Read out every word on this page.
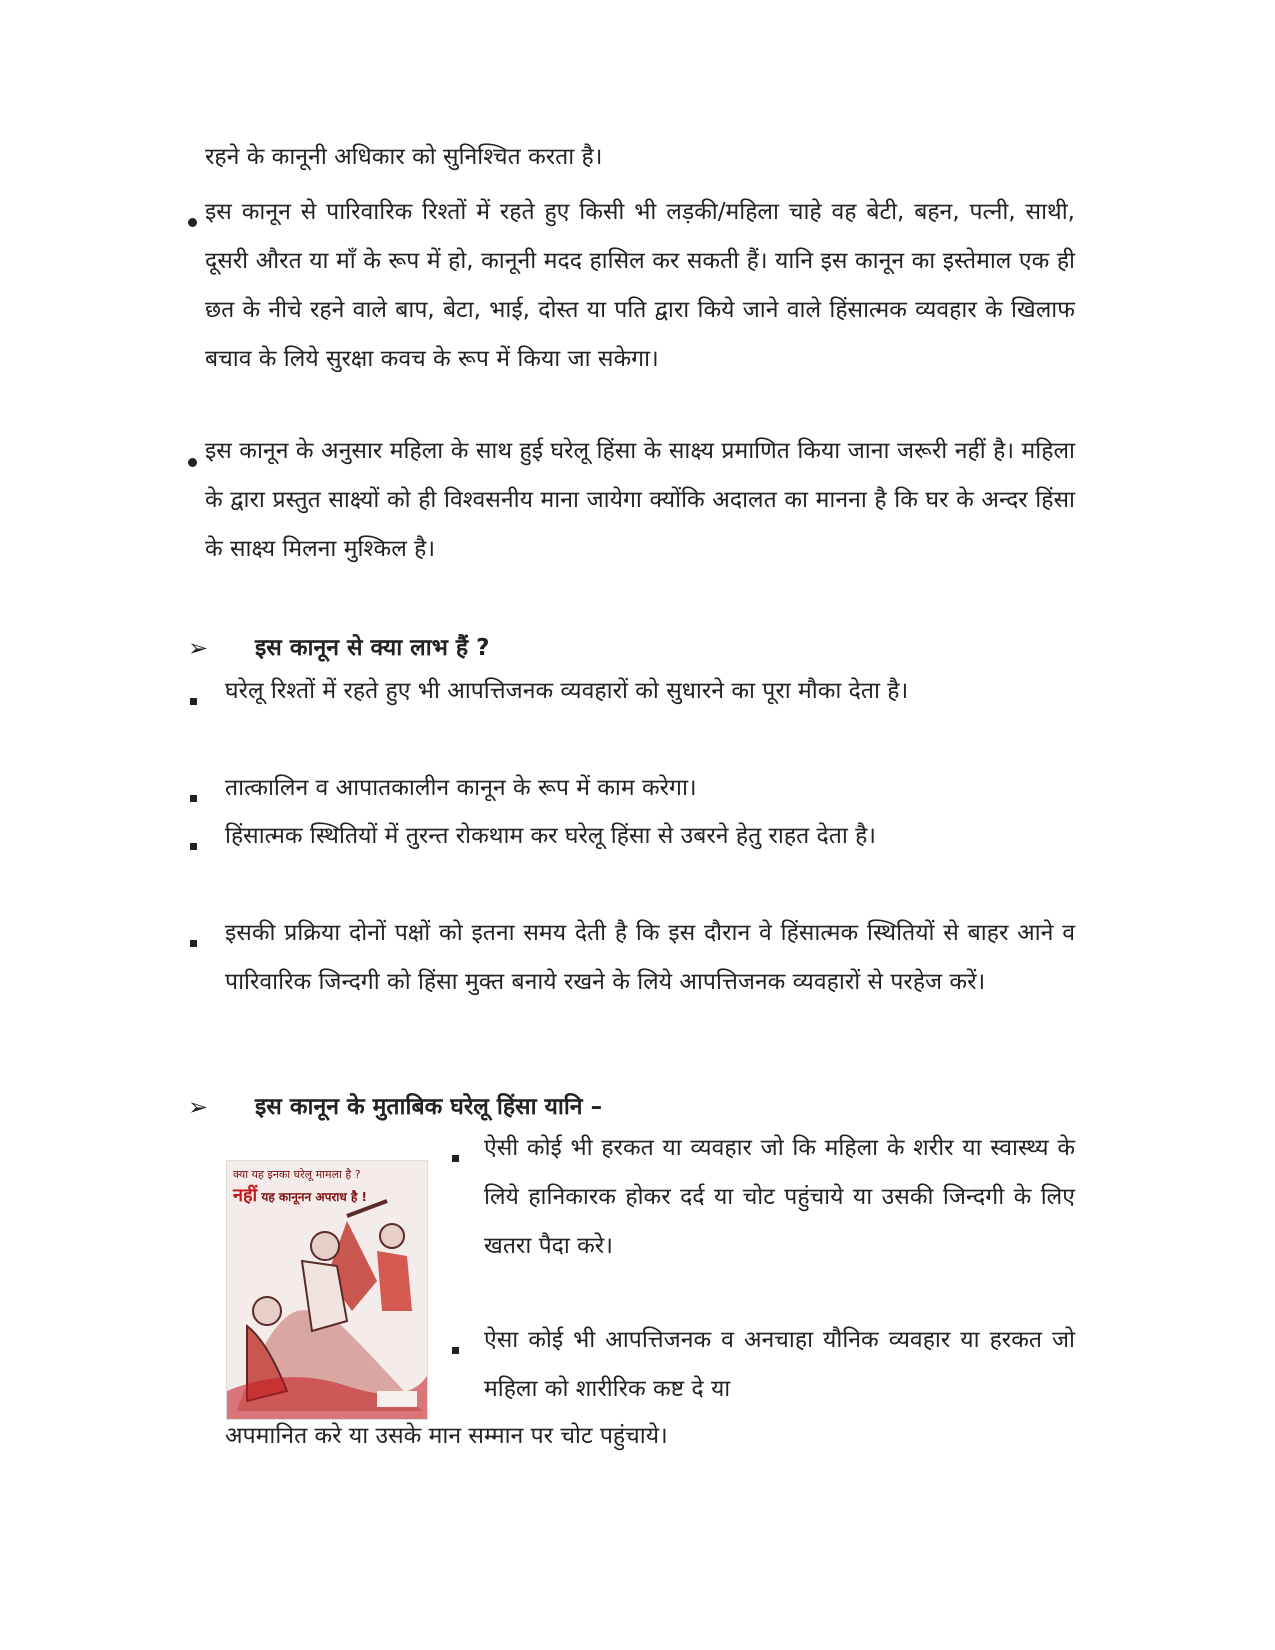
रहने के कानूनी अधिकार को सुनिश्चित करता है।

इस कानून से पारिवारिक रिश्तों में रहते हुए किसी भी लड़की/महिला चाहे वह बेटी, बहन, पत्नी, साथी, दूसरी औरत या माँ के रूप में हो, कानूनी मदद हासिल कर सकती हैं। यानि इस कानून का इस्तेमाल एक ही छत के नीचे रहने वाले बाप, बेटा, भाई, दोस्त या पति द्वारा किये जाने वाले हिंसात्मक व्यवहार के खिलाफ बचाव के लिये सुरक्षा कवच के रूप में किया जा सकेगा।

इस कानून के अनुसार महिला के साथ हुई घरेलू हिंसा के साक्ष्य प्रमाणित किया जाना जरूरी नहीं है। महिला के द्वारा प्रस्तुत साक्ष्यों को ही विश्वसनीय माना जायेगा क्योंकि अदालत का मानना है कि घर के अन्दर हिंसा के साक्ष्य मिलना मुश्किल है।

➢ इस कानून से क्या लाभ हैं ?

घरेलू रिश्तों में रहते हुए भी आपत्तिजनक व्यवहारों को सुधारने का पूरा मौका देता है।

तात्कालिन व आपातकालीन कानून के रूप में काम करेगा।

हिंसात्मक स्थितियों में तुरन्त रोकथाम कर घरेलू हिंसा से उबरने हेतु राहत देता है।

इसकी प्रक्रिया दोनों पक्षों को इतना समय देती है कि इस दौरान वे हिंसात्मक स्थितियों से बाहर आने व पारिवारिक जिन्दगी को हिंसा मुक्त बनाये रखने के लिये आपत्तिजनक व्यवहारों से परहेज करें।

➢ इस कानून के मुताबिक घरेलू हिंसा यानि –
क्या यह इनका घरेलू मामला है ?
नहीं यह कानूनन अपराध है !

ऐसी कोई भी हरकत या व्यवहार जो कि महिला के शरीर या स्वास्थ्य के लिये हानिकारक होकर दर्द या चोट पहुंचाये या उसकी जिन्दगी के लिए खतरा पैदा करे।

ऐसा कोई भी आपत्तिजनक व अनचाहा यौनिक व्यवहार या हरकत जो महिला को शारीरिक कष्ट दे या

अपमानित करे या उसके मान सम्मान पर चोट पहुंचाये।
